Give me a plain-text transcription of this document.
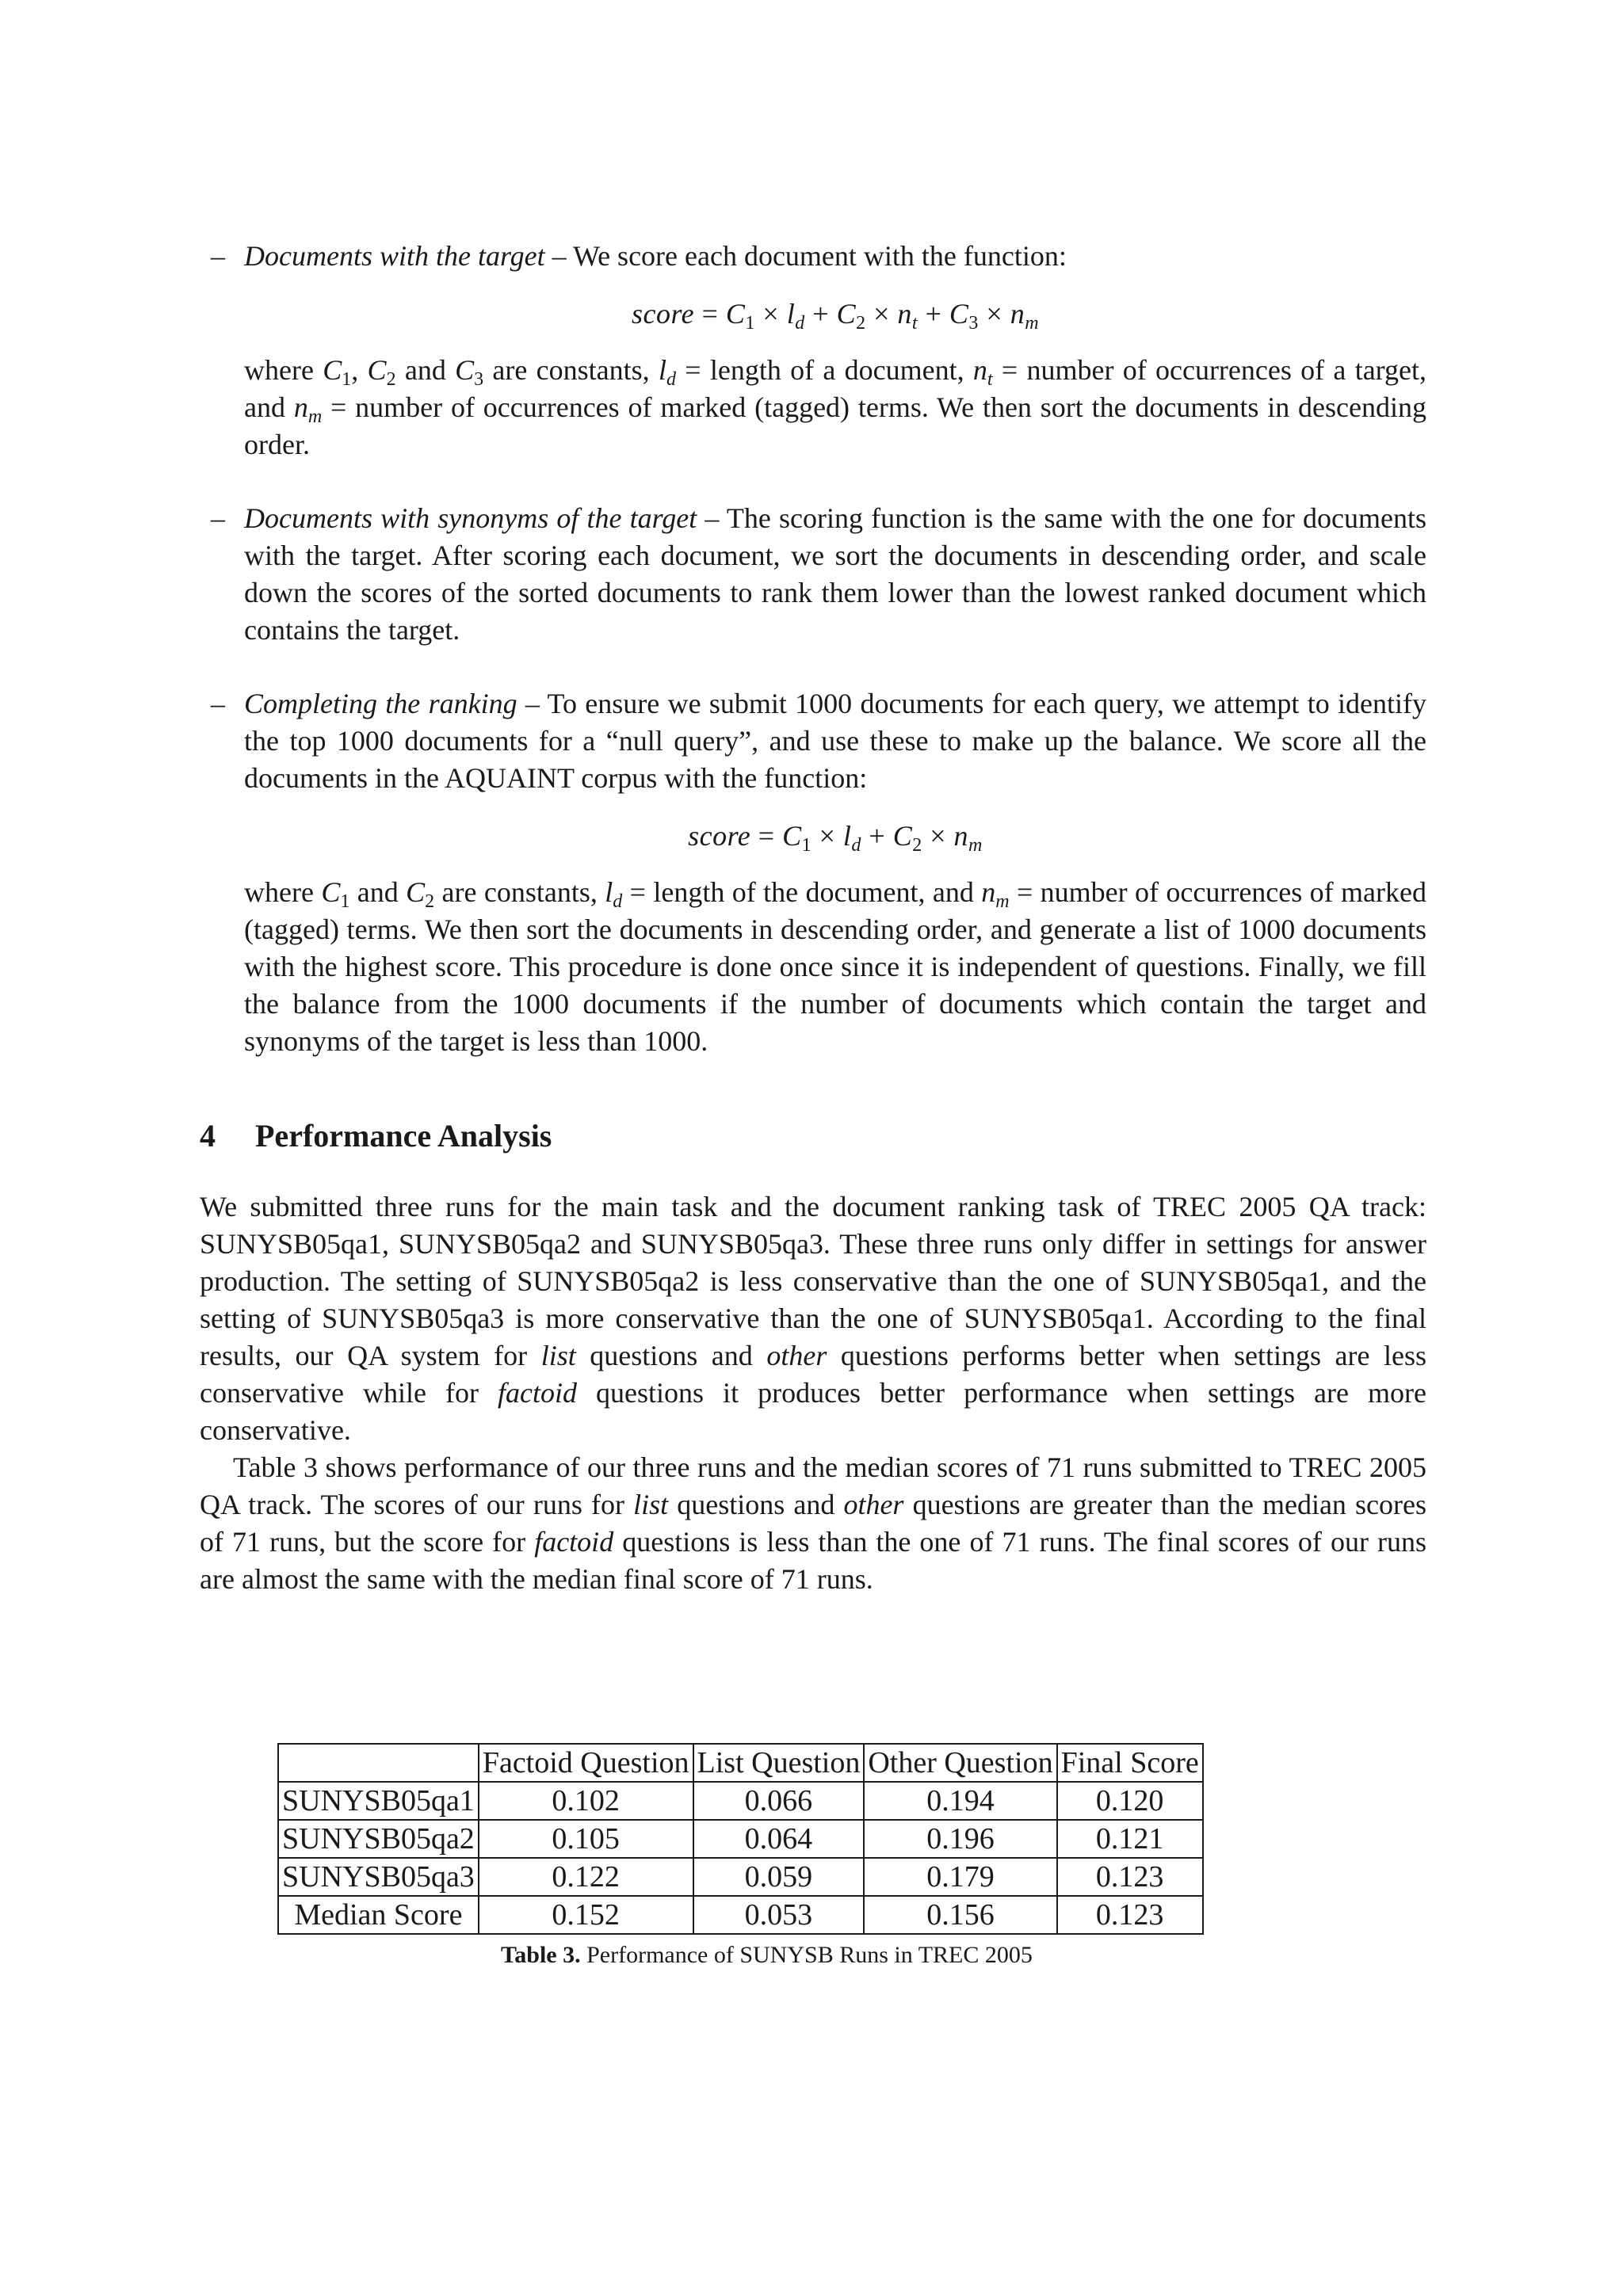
– Documents with the target – We score each document with the function:
score = $C_1 \times l_d + C_2 \times n_t + C_3 \times n_m$
where $C_1$, $C_2$ and $C_3$ are constants, $l_d$ = length of a document, $n_t$ = number of occurrences of a target, and $n_m$ = number of occurrences of marked (tagged) terms. We then sort the documents in descending order.
– Documents with synonyms of the target – The scoring function is the same with the one for documents with the target. After scoring each document, we sort the documents in descending order, and scale down the scores of the sorted documents to rank them lower than the lowest ranked document which contains the target.
– Completing the ranking – To ensure we submit 1000 documents for each query, we attempt to identify the top 1000 documents for a “null query”, and use these to make up the balance. We score all the documents in the AQUAINT corpus with the function:
score = $C_1 \times l_d + C_2 \times n_m$
where $C_1$ and $C_2$ are constants, $l_d$ = length of the document, and $n_m$ = number of occurrences of marked (tagged) terms. We then sort the documents in descending order, and generate a list of 1000 documents with the highest score. This procedure is done once since it is independent of questions. Finally, we fill the balance from the 1000 documents if the number of documents which contain the target and synonyms of the target is less than 1000.
4 Performance Analysis
We submitted three runs for the main task and the document ranking task of TREC 2005 QA track: SUNYSB05qa1, SUNYSB05qa2 and SUNYSB05qa3. These three runs only differ in settings for answer production. The setting of SUNYSB05qa2 is less conservative than the one of SUNYSB05qa1, and the setting of SUNYSB05qa3 is more conservative than the one of SUNYSB05qa1. According to the final results, our QA system for list questions and other questions performs better when settings are less conservative while for factoid questions it produces better performance when settings are more conservative.
Table 3 shows performance of our three runs and the median scores of 71 runs submitted to TREC 2005 QA track. The scores of our runs for list questions and other questions are greater than the median scores of 71 runs, but the score for factoid questions is less than the one of 71 runs. The final scores of our runs are almost the same with the median final score of 71 runs.
	Factoid Question	List Question	Other Question	Final Score
SUNYSB05qa1	0.102	0.066	0.194	0.120
SUNYSB05qa2	0.105	0.064	0.196	0.121
SUNYSB05qa3	0.122	0.059	0.179	0.123
Median Score	0.152	0.053	0.156	0.123
Table 3. Performance of SUNYSB Runs in TREC 2005
